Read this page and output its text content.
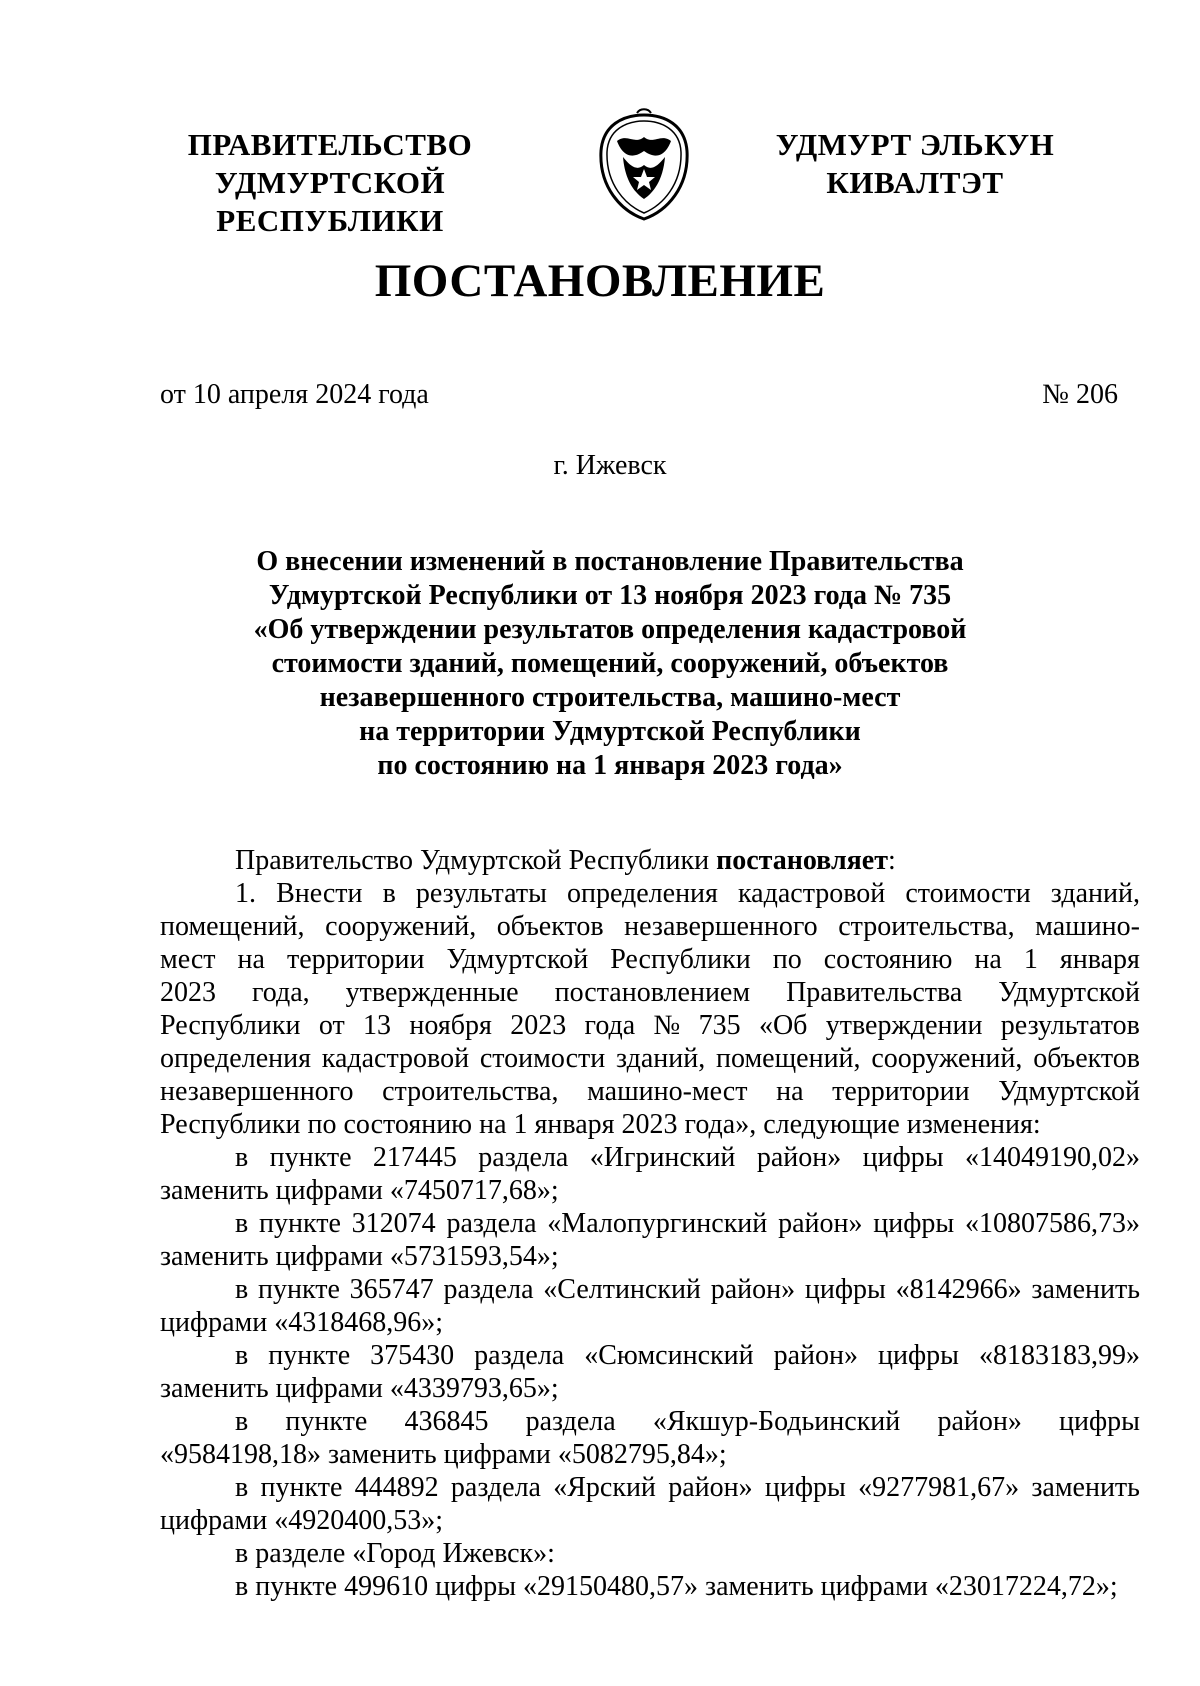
ПРАВИТЕЛЬСТВО
УДМУРТСКОЙ РЕСПУБЛИКИ
УДМУРТ ЭЛЬКУН
КИВАЛТЭТ
ПОСТАНОВЛЕНИЕ
от 10 апреля 2024 года	№ 206
г. Ижевск
О внесении изменений в постановление Правительства
Удмуртской Республики от 13 ноября 2023 года № 735
«Об утверждении результатов определения кадастровой
стоимости зданий, помещений, сооружений, объектов
незавершенного строительства, машино-мест
на территории Удмуртской Республики
по состоянию на 1 января 2023 года»
Правительство Удмуртской Республики постановляет:
1. Внести в результаты определения кадастровой стоимости зданий,
помещений, сооружений, объектов незавершенного строительства, машино-
мест на территории Удмуртской Республики по состоянию на 1 января
2023 года, утвержденные постановлением Правительства Удмуртской
Республики от 13 ноября 2023 года № 735 «Об утверждении результатов
определения кадастровой стоимости зданий, помещений, сооружений, объектов
незавершенного строительства, машино-мест на территории Удмуртской
Республики по состоянию на 1 января 2023 года», следующие изменения:
в пункте 217445 раздела «Игринский район» цифры «14049190,02»
заменить цифрами «7450717,68»;
в пункте 312074 раздела «Малопургинский район» цифры «10807586,73»
заменить цифрами «5731593,54»;
в пункте 365747 раздела «Селтинский район» цифры «8142966» заменить
цифрами «4318468,96»;
в пункте 375430 раздела «Сюмсинский район» цифры «8183183,99»
заменить цифрами «4339793,65»;
в пункте 436845 раздела «Якшур-Бодьинский район» цифры
«9584198,18» заменить цифрами «5082795,84»;
в пункте 444892 раздела «Ярский район» цифры «9277981,67» заменить
цифрами «4920400,53»;
в разделе «Город Ижевск»:
в пункте 499610 цифры «29150480,57» заменить цифрами «23017224,72»;
